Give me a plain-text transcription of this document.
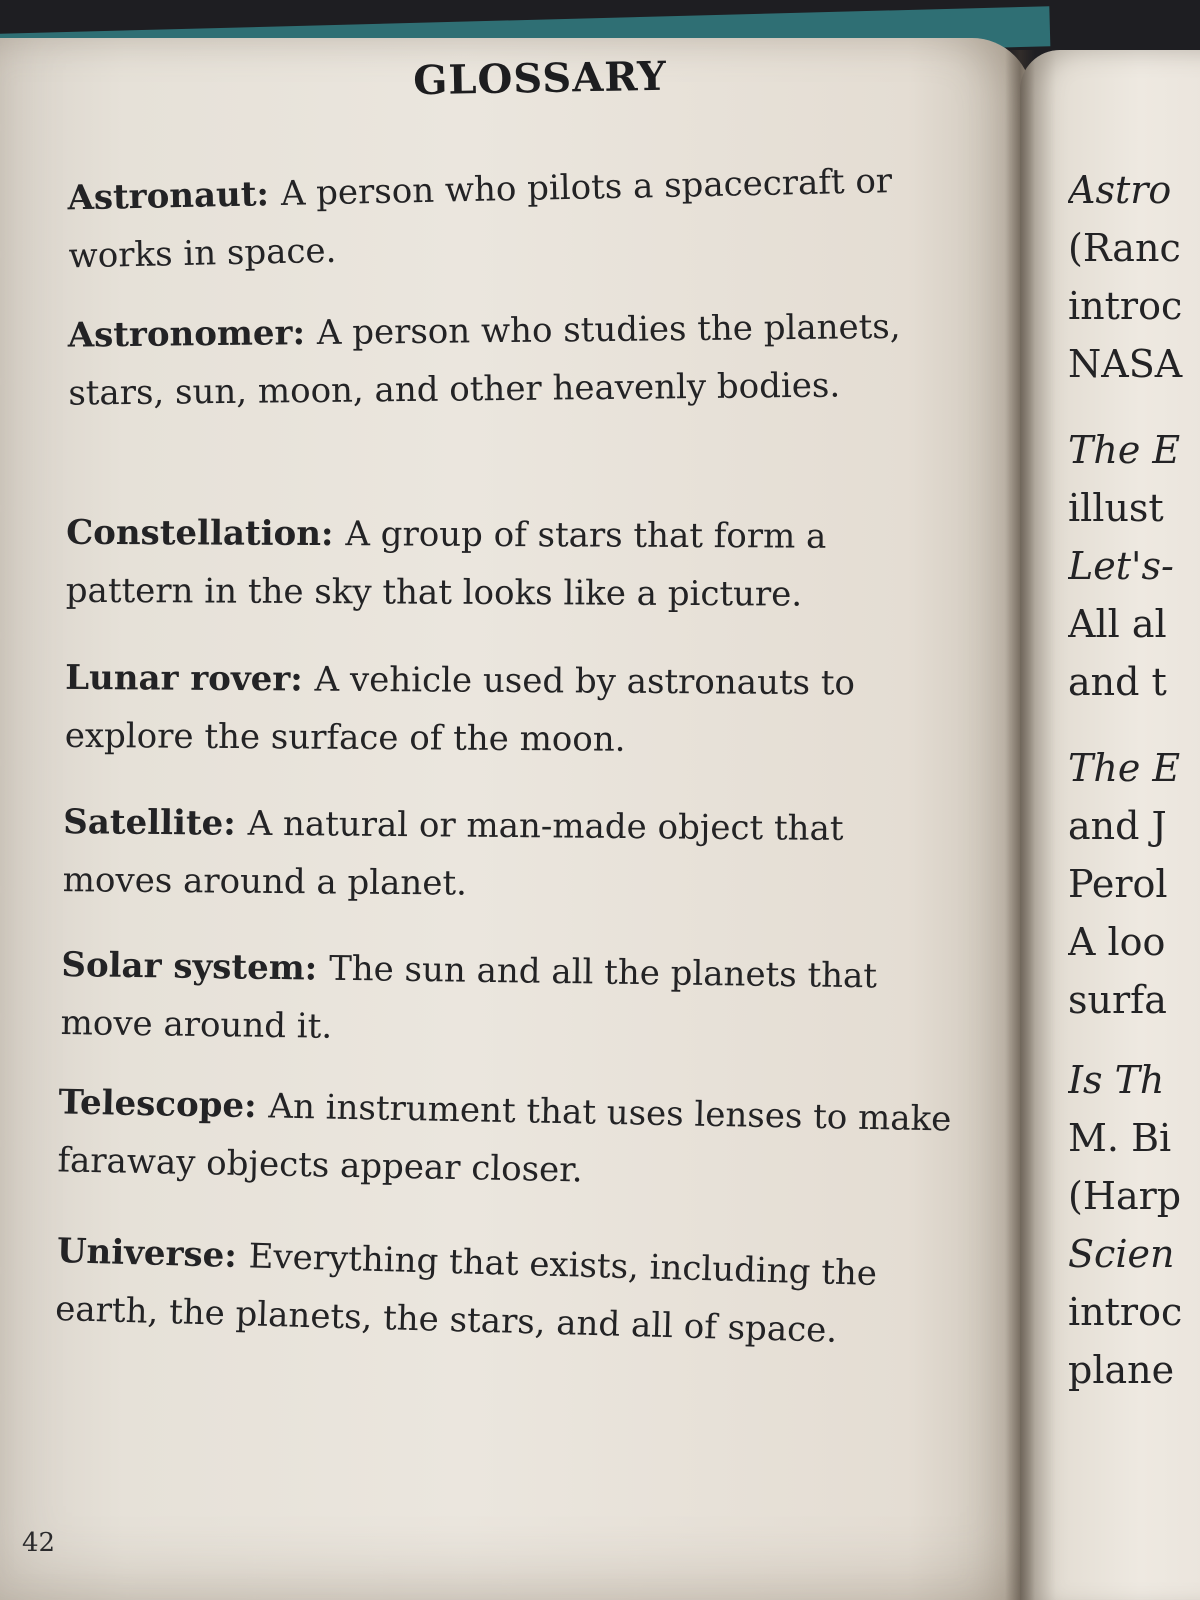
GLOSSARY

Astronaut: A person who pilots a spacecraft or works in space.

Astronomer: A person who studies the planets, stars, sun, moon, and other heavenly bodies.

Constellation: A group of stars that form a pattern in the sky that looks like a picture.

Lunar rover: A vehicle used by astronauts to explore the surface of the moon.

Satellite: A natural or man-made object that moves around a planet.

Solar system: The sun and all the planets that move around it.

Telescope: An instrument that uses lenses to make faraway objects appear closer.

Universe: Everything that exists, including the earth, the planets, the stars, and all of space.

42
Astro
(Ranc
introc
NASA
The E
illust
Let's-
All al
and t
The E
and J
Perol
A loo
surfa
Is Th
M. Bi
(Harp
Scien
introc
plane
